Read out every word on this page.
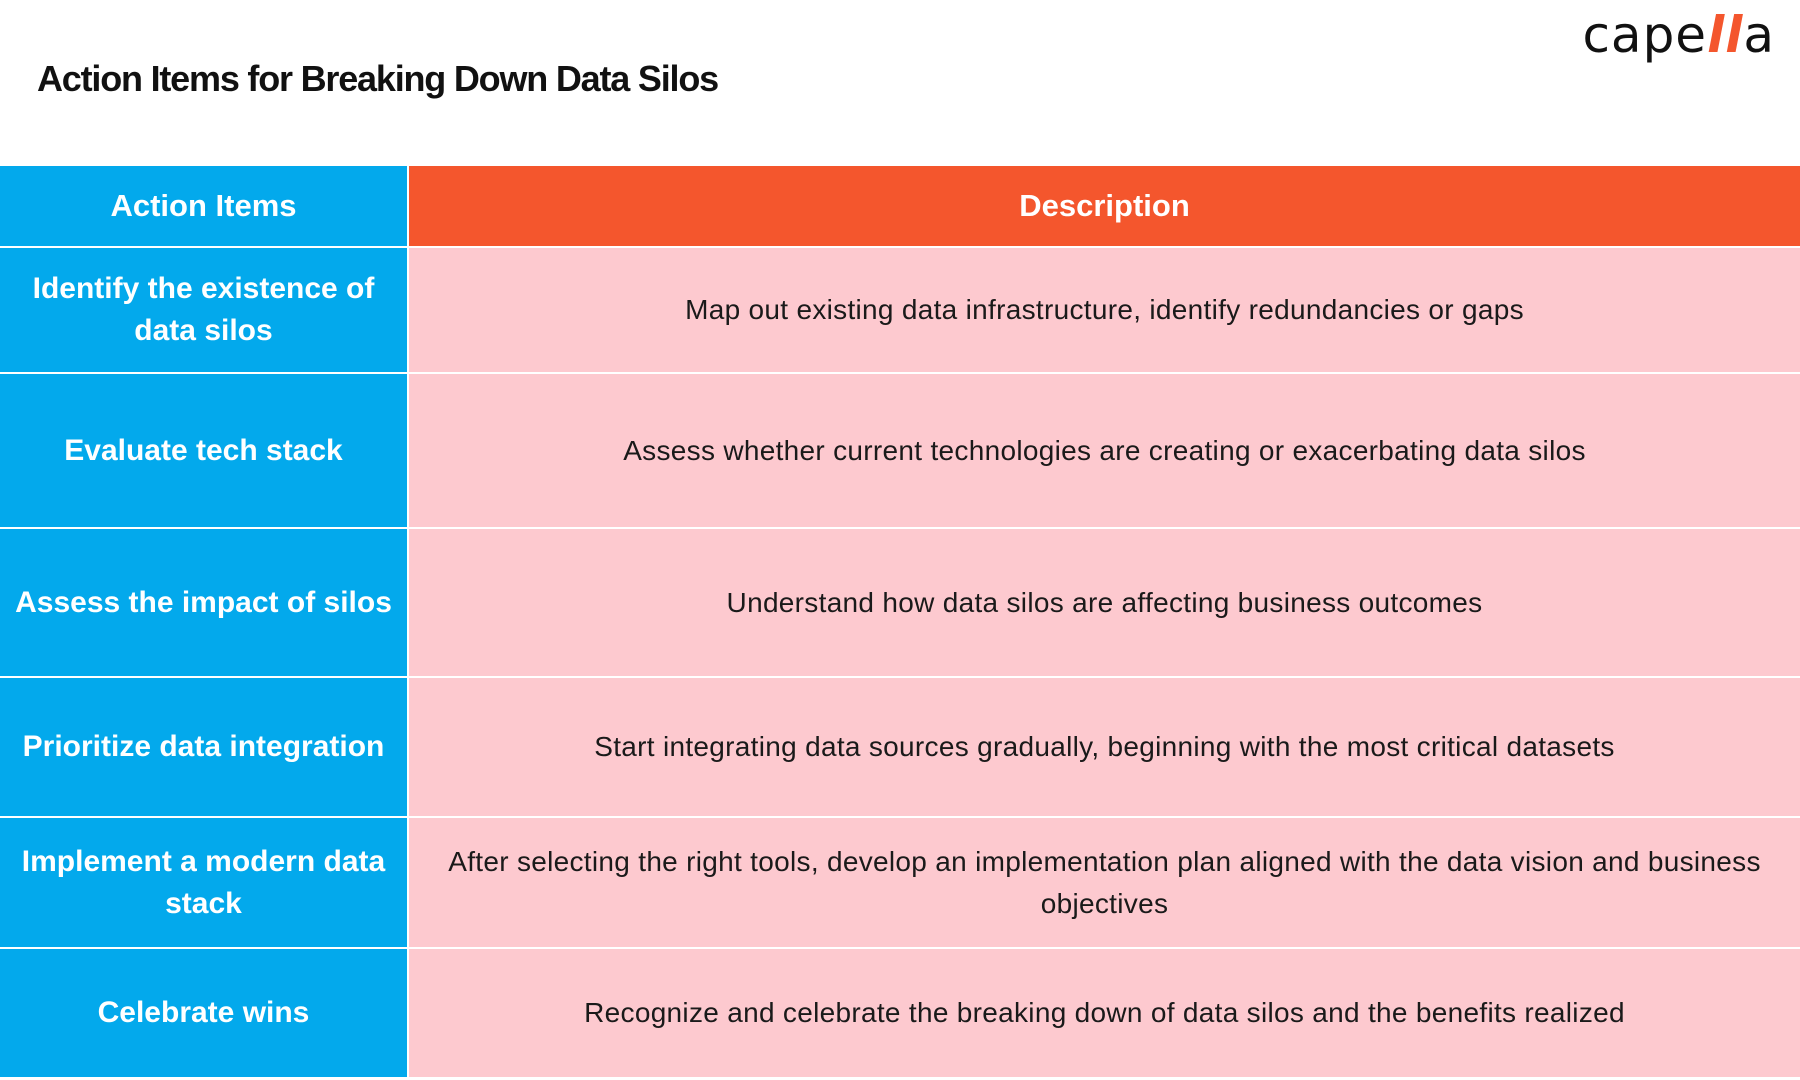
Action Items for Breaking Down Data Silos
capella
Action Items	Description
Identify the existence of data silos	Map out existing data infrastructure, identify redundancies or gaps
Evaluate tech stack	Assess whether current technologies are creating or exacerbating data silos
Assess the impact of silos	Understand how data silos are affecting business outcomes
Prioritize data integration	Start integrating data sources gradually, beginning with the most critical datasets
Implement a modern data stack	After selecting the right tools, develop an implementation plan aligned with the data vision and business objectives
Celebrate wins	Recognize and celebrate the breaking down of data silos and the benefits realized
